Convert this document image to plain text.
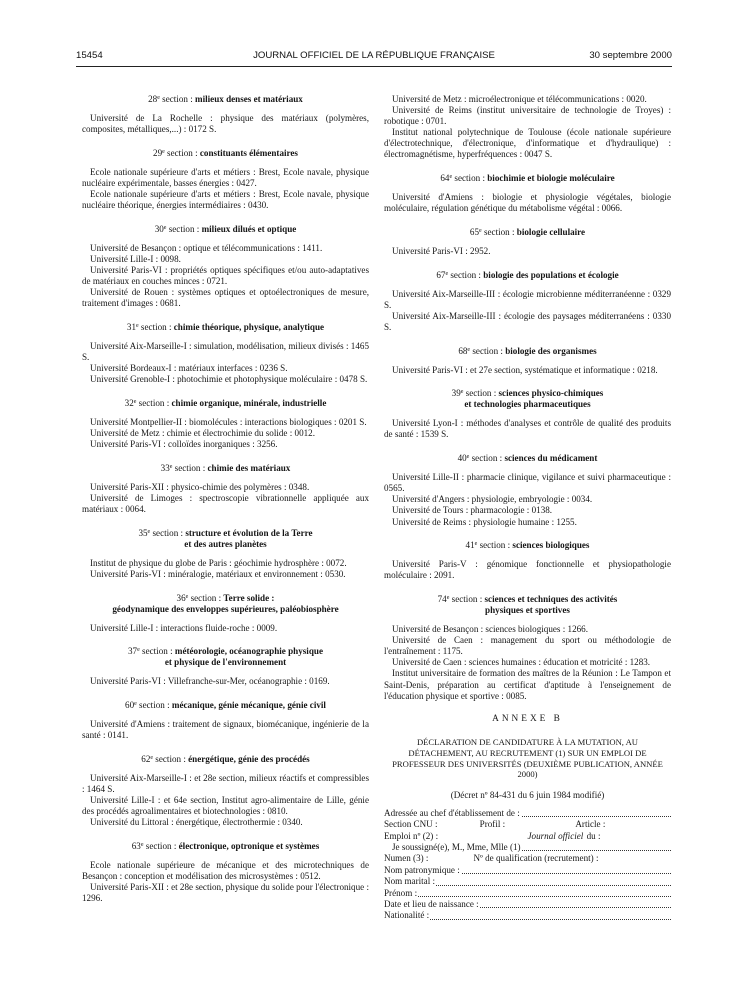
15454	JOURNAL OFFICIEL DE LA RÉPUBLIQUE FRANÇAISE	30 septembre 2000
28e section : milieux denses et matériaux

Université de La Rochelle : physique des matériaux (polymères, composites, métalliques,...) : 0172 S.

29e section : constituants élémentaires

Ecole nationale supérieure d'arts et métiers : Brest, Ecole navale, physique nucléaire expérimentale, basses énergies : 0427.

Ecole nationale supérieure d'arts et métiers : Brest, Ecole navale, physique nucléaire théorique, énergies intermédiaires : 0430.

30e section : milieux dilués et optique

Université de Besançon : optique et télécommunications : 1411.

Université Lille-I : 0098.

Université Paris-VI : propriétés optiques spécifiques et/ou auto-adaptatives de matériaux en couches minces : 0721.

Université de Rouen : systèmes optiques et optoélectroniques de mesure, traitement d'images : 0681.

31e section : chimie théorique, physique, analytique

Université Aix-Marseille-I : simulation, modélisation, milieux divisés : 1465 S.

Université Bordeaux-I : matériaux interfaces : 0236 S.

Université Grenoble-I : photochimie et photophysique moléculaire : 0478 S.

32e section : chimie organique, minérale, industrielle

Université Montpellier-II : biomolécules : interactions biologiques : 0201 S.

Université de Metz : chimie et électrochimie du solide : 0012.

Université Paris-VI : colloïdes inorganiques : 3256.

33e section : chimie des matériaux

Université Paris-XII : physico-chimie des polymères : 0348.

Université de Limoges : spectroscopie vibrationnelle appliquée aux matériaux : 0064.

35e section : structure et évolution de la Terre
et des autres planètes

Institut de physique du globe de Paris : géochimie hydrosphère : 0072.

Université Paris-VI : minéralogie, matériaux et environnement : 0530.

36e section : Terre solide :
géodynamique des enveloppes supérieures, paléobiosphère

Université Lille-I : interactions fluide-roche : 0009.

37e section : météorologie, océanographie physique
et physique de l'environnement

Université Paris-VI : Villefranche-sur-Mer, océanographie : 0169.

60e section : mécanique, génie mécanique, génie civil

Université d'Amiens : traitement de signaux, biomécanique, ingénierie de la santé : 0141.

62e section : énergétique, génie des procédés

Université Aix-Marseille-I : et 28e section, milieux réactifs et compressibles : 1464 S.

Université Lille-I : et 64e section, Institut agro-alimentaire de Lille, génie des procédés agroalimentaires et biotechnologies : 0810.

Université du Littoral : énergétique, électrothermie : 0340.

63e section : électronique, optronique et systèmes

Ecole nationale supérieure de mécanique et des microtechniques de Besançon : conception et modélisation des microsystèmes : 0512.

Université Paris-XII : et 28e section, physique du solide pour l'électronique : 1296.

Université de Metz : microélectronique et télécommunications : 0020.

Université de Reims (institut universitaire de technologie de Troyes) : robotique : 0701.

Institut national polytechnique de Toulouse (école nationale supérieure d'électrotechnique, d'électronique, d'informatique et d'hydraulique) : électromagnétisme, hyperfréquences : 0047 S.

64e section : biochimie et biologie moléculaire

Université d'Amiens : biologie et physiologie végétales, biologie moléculaire, régulation génétique du métabolisme végétal : 0066.

65e section : biologie cellulaire

Université Paris-VI : 2952.

67e section : biologie des populations et écologie

Université Aix-Marseille-III : écologie microbienne méditerranéenne : 0329 S.

Université Aix-Marseille-III : écologie des paysages méditerranéens : 0330 S.

68e section : biologie des organismes

Université Paris-VI : et 27e section, systématique et informatique : 0218.

39e section : sciences physico-chimiques
et technologies pharmaceutiques

Université Lyon-I : méthodes d'analyses et contrôle de qualité des produits de santé : 1539 S.

40e section : sciences du médicament

Université Lille-II : pharmacie clinique, vigilance et suivi pharmaceutique : 0565.

Université d'Angers : physiologie, embryologie : 0034.

Université de Tours : pharmacologie : 0138.

Université de Reims : physiologie humaine : 1255.

41e section : sciences biologiques

Université Paris-V : génomique fonctionnelle et physiopathologie moléculaire : 2091.

74e section : sciences et techniques des activités
physiques et sportives

Université de Besançon : sciences biologiques : 1266.

Université de Caen : management du sport ou méthodologie de l'entraînement : 1175.

Université de Caen : sciences humaines : éducation et motricité : 1283.

Institut universitaire de formation des maîtres de la Réunion : Le Tampon et Saint-Denis, préparation au certificat d'aptitude à l'enseignement de l'éducation physique et sportive : 0085.

ANNEXE B
DÉCLARATION DE CANDIDATURE À LA MUTATION, AU DÉTACHEMENT, AU RECRUTEMENT (1) SUR UN EMPLOI DE PROFESSEUR DES UNIVERSITÉS (DEUXIÈME PUBLICATION, ANNÉE 2000)
(Décret nº 84-431 du 6 juin 1984 modifié)
Adressée au chef d'établissement de :
Section CNU :	Profil :	Article :
Emploi nº (2) :	Journal officiel du :
Je soussigné(e), M., Mme, Mlle (1)
Numen (3) :	Nº de qualification (recrutement) :
Nom patronymique :
Nom marital :
Prénom :
Date et lieu de naissance :
Nationalité :
